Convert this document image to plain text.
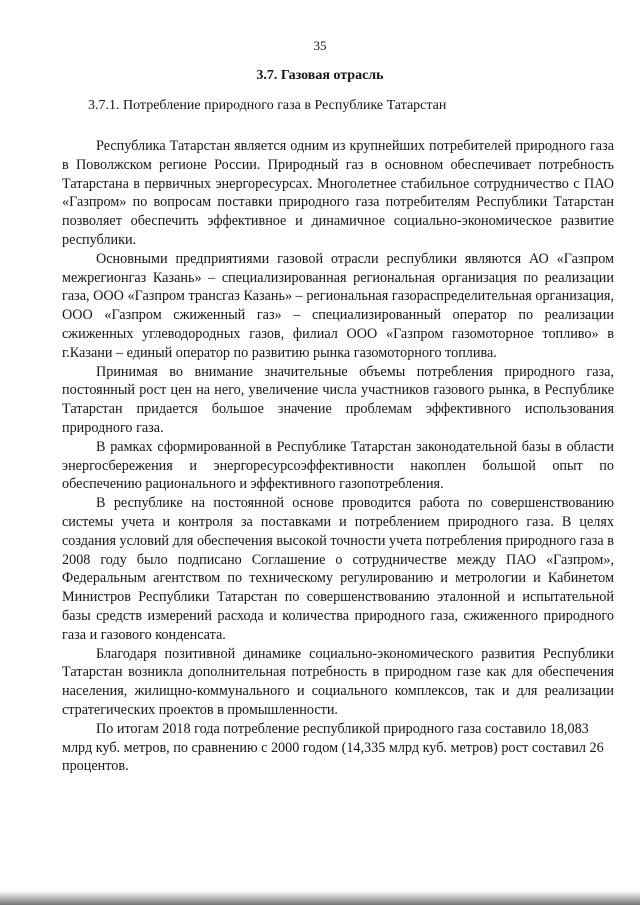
35
3.7. Газовая отрасль
3.7.1. Потребление природного газа в Республике Татарстан

Республика Татарстан является одним из крупнейших потребителей природного газа в Поволжском регионе России. Природный газ в основном обеспечивает потребность Татарстана в первичных энергоресурсах. Многолетнее стабильное сотрудничество с ПАО «Газпром» по вопросам поставки природного газа потребителям Республики Татарстан позволяет обеспечить эффективное и динамичное социально-экономическое развитие республики.

Основными предприятиями газовой отрасли республики являются АО «Газпром межрегионгаз Казань» – специализированная региональная организация по реализации газа, ООО «Газпром трансгаз Казань» – региональная газораспределительная организация, ООО «Газпром сжиженный газ» – специализированный оператор по реализации сжиженных углеводородных газов, филиал ООО «Газпром газомоторное топливо» в г.Казани – единый оператор по развитию рынка газомоторного топлива.

Принимая во внимание значительные объемы потребления природного газа, постоянный рост цен на него, увеличение числа участников газового рынка, в Республике Татарстан придается большое значение проблемам эффективного использования природного газа.

В рамках сформированной в Республике Татарстан законодательной базы в области энергосбережения и энергоресурсоэффективности накоплен большой опыт по обеспечению рационального и эффективного газопотребления.

В республике на постоянной основе проводится работа по совершенствованию системы учета и контроля за поставками и потреблением природного газа. В целях создания условий для обеспечения высокой точности учета потребления природного газа в 2008 году было подписано Соглашение о сотрудничестве между ПАО «Газпром», Федеральным агентством по техническому регулированию и метрологии и Кабинетом Министров Республики Татарстан по совершенствованию эталонной и испытательной базы средств измерений расхода и количества природного газа, сжиженного природного газа и газового конденсата.

Благодаря позитивной динамике социально-экономического развития Республики Татарстан возникла дополнительная потребность в природном газе как для обеспечения населения, жилищно-коммунального и социального комплексов, так и для реализации стратегических проектов в промышленности.

По итогам 2018 года потребление республикой природного газа составило 18,083 млрд куб. метров, по сравнению с 2000 годом (14,335 млрд куб. метров) рост составил 26 процентов.
